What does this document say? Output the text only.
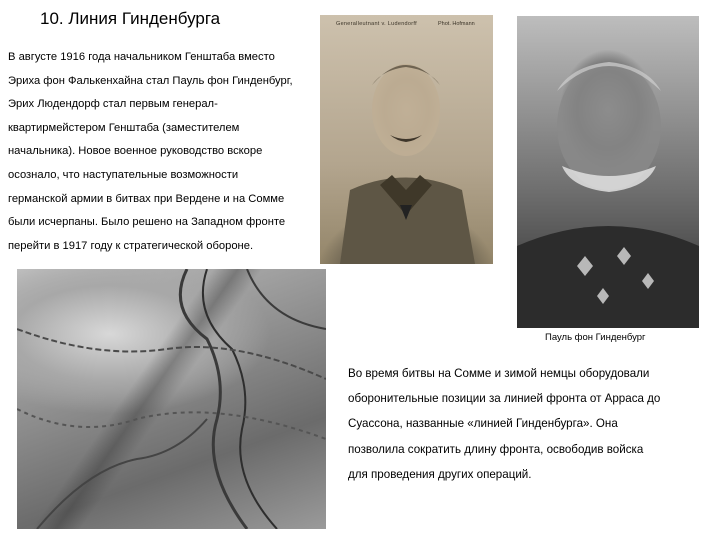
10. Линия Гинденбурга
В августе 1916 года начальником Генштаба вместо
Эриха фон Фалькенхайна стал Пауль фон Гинденбург,
Эрих Людендорф стал первым генерал-
квартирмейстером Генштаба (заместителем
начальника). Новое военное руководство вскоре
осознало, что наступательные возможности
германской армии в битвах при Вердене и на Сомме
были исчерпаны. Было решено на Западном фронте
перейти в 1917 году к стратегической обороне.
Generalleutnant v. Ludendorff	Phot. Hofmann

Пауль фон Гинденбург

Во время битвы на Сомме и зимой немцы оборудовали
оборонительные позиции за линией фронта от Арраса до
Суассона, названные «линией Гинденбурга». Она
позволила сократить длину фронта, освободив войска
для проведения других операций.
